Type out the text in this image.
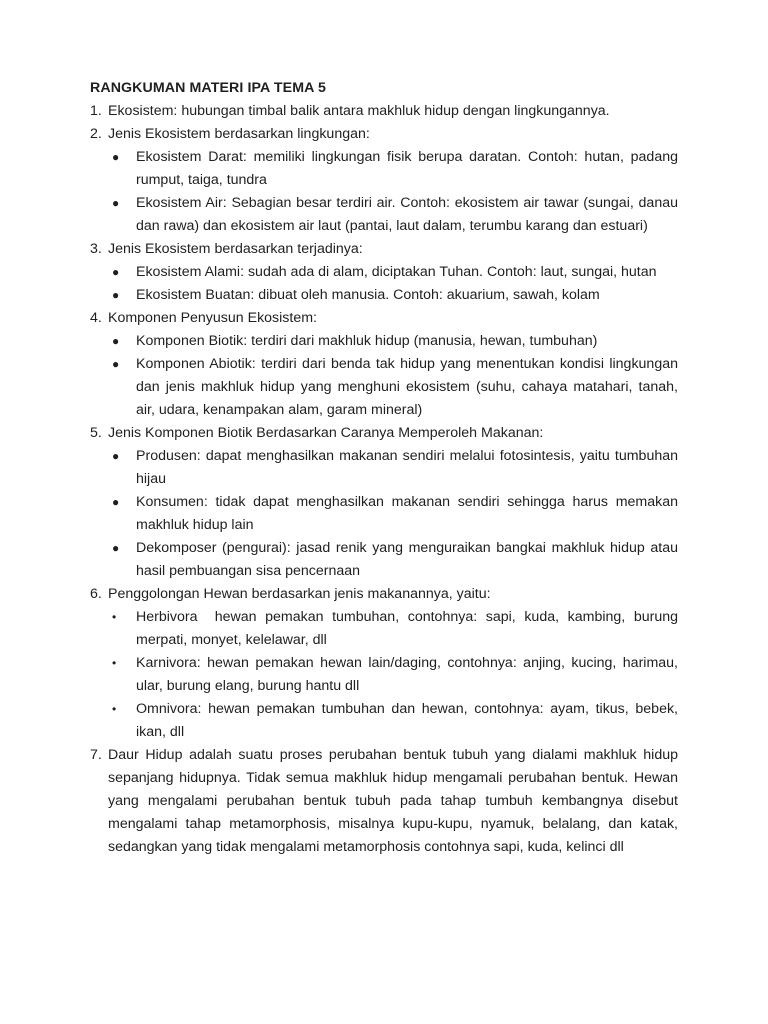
RANGKUMAN MATERI IPA TEMA 5
1. Ekosistem: hubungan timbal balik antara makhluk hidup dengan lingkungannya.
2. Jenis Ekosistem berdasarkan lingkungan:
●	Ekosistem Darat: memiliki lingkungan fisik berupa daratan. Contoh: hutan, padang rumput, taiga, tundra
●	Ekosistem Air: Sebagian besar terdiri air. Contoh: ekosistem air tawar (sungai, danau dan rawa) dan ekosistem air laut (pantai, laut dalam, terumbu karang dan estuari)
3. Jenis Ekosistem berdasarkan terjadinya:
●	Ekosistem Alami: sudah ada di alam, diciptakan Tuhan. Contoh: laut, sungai, hutan
●	Ekosistem Buatan: dibuat oleh manusia. Contoh: akuarium, sawah, kolam
4. Komponen Penyusun Ekosistem:
●	Komponen Biotik: terdiri dari makhluk hidup (manusia, hewan, tumbuhan)
●	Komponen Abiotik: terdiri dari benda tak hidup yang menentukan kondisi lingkungan dan jenis makhluk hidup yang menghuni ekosistem (suhu, cahaya matahari, tanah, air, udara, kenampakan alam, garam mineral)
5. Jenis Komponen Biotik Berdasarkan Caranya Memperoleh Makanan:
●	Produsen: dapat menghasilkan makanan sendiri melalui fotosintesis, yaitu tumbuhan hijau
●	Konsumen: tidak dapat menghasilkan makanan sendiri sehingga harus memakan makhluk hidup lain
●	Dekomposer (pengurai): jasad renik yang menguraikan bangkai makhluk hidup atau hasil pembuangan sisa pencernaan
6. Penggolongan Hewan berdasarkan jenis makanannya, yaitu:
•	Herbivora  hewan pemakan tumbuhan, contohnya: sapi, kuda, kambing, burung merpati, monyet, kelelawar, dll
•	Karnivora: hewan pemakan hewan lain/daging, contohnya: anjing, kucing, harimau, ular, burung elang, burung hantu dll
•	Omnivora: hewan pemakan tumbuhan dan hewan, contohnya: ayam, tikus, bebek, ikan, dll
7. Daur Hidup adalah suatu proses perubahan bentuk tubuh yang dialami makhluk hidup sepanjang hidupnya. Tidak semua makhluk hidup mengamali perubahan bentuk. Hewan yang mengalami perubahan bentuk tubuh pada tahap tumbuh kembangnya disebut mengalami tahap metamorphosis, misalnya kupu-kupu, nyamuk, belalang, dan katak, sedangkan yang tidak mengalami metamorphosis contohnya sapi, kuda, kelinci dll
